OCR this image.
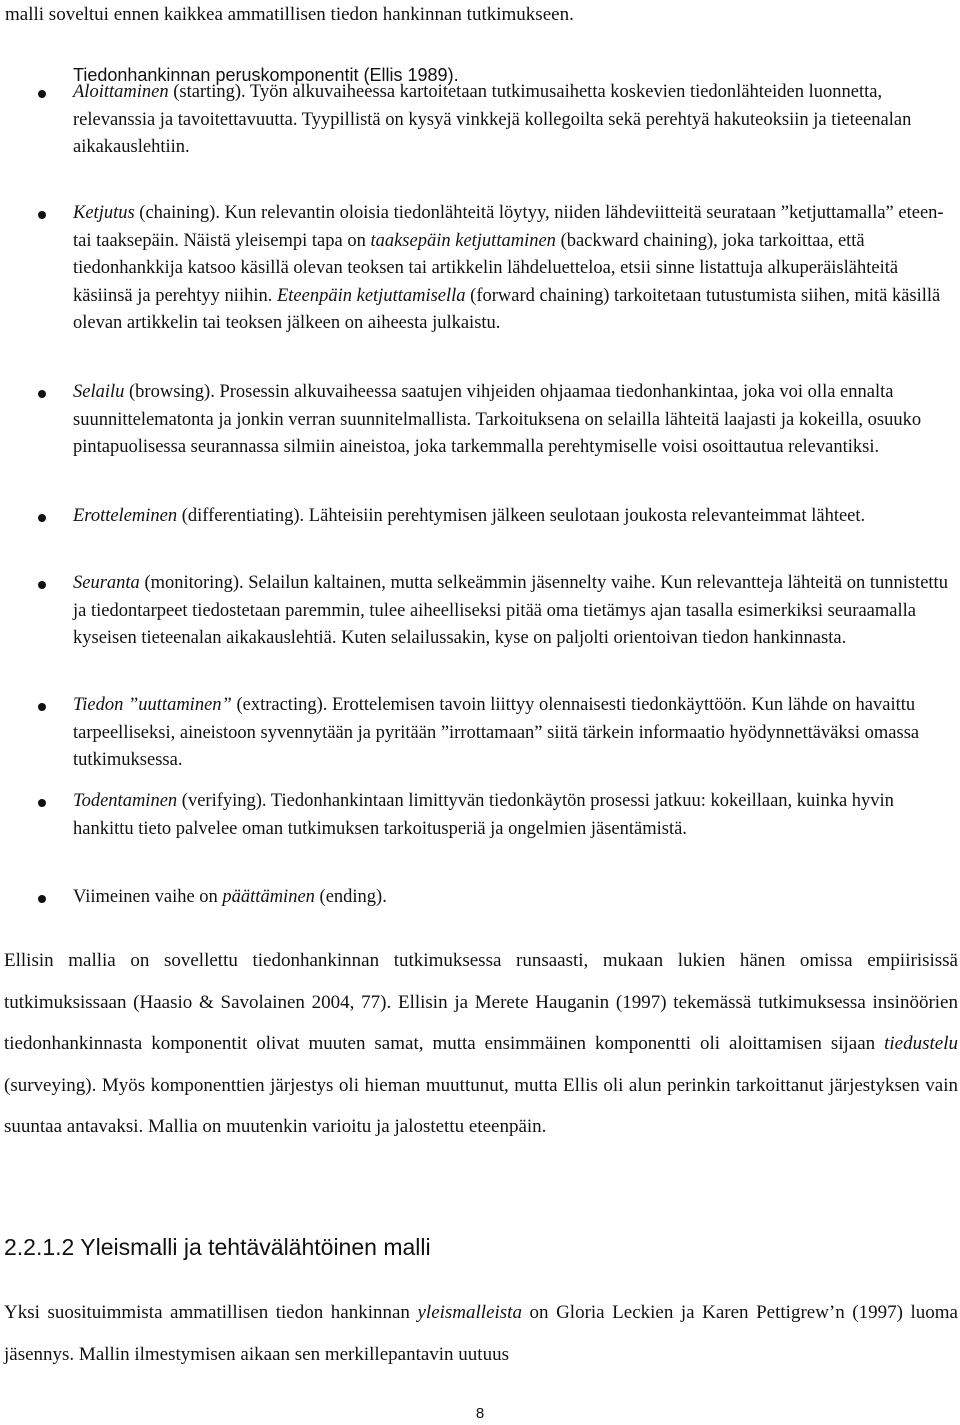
malli soveltui ennen kaikkea ammatillisen tiedon hankinnan tutkimukseen.
Tiedonhankinnan peruskomponentit (Ellis 1989).
Aloittaminen (starting). Työn alkuvaiheessa kartoitetaan tutkimusaihetta koskevien tiedonlähteiden luonnetta, relevanssia ja tavoitettavuutta. Tyypillistä on kysyä vinkkejä kollegoilta sekä perehtyä hakuteoksiin ja tieteenalan aikakauslehtiin.
Ketjutus (chaining). Kun relevantin oloisia tiedonlähteitä löytyy, niiden lähdeviitteitä seurataan ”ketjuttamalla” eteen- tai taaksepäin. Näistä yleisempi tapa on taaksepäin ketjuttaminen (backward chaining), joka tarkoittaa, että tiedonhankkija katsoo käsillä olevan teoksen tai artikkelin lähdeluetteloa, etsii sinne listattuja alkuperäislähteitä käsiinsä ja perehtyy niihin. Eteenpäin ketjuttamisella (forward chaining) tarkoitetaan tutustumista siihen, mitä käsillä olevan artikkelin tai teoksen jälkeen on aiheesta julkaistu.
Selailu (browsing). Prosessin alkuvaiheessa saatujen vihjeiden ohjaamaa tiedonhankintaa, joka voi olla ennalta suunnittelematonta ja jonkin verran suunnitelmallista. Tarkoituksena on selailla lähteitä laajasti ja kokeilla, osuuko pintapuolisessa seurannassa silmiin aineistoa, joka tarkemmalla perehtymiselle voisi osoittautua relevantiksi.
Erotteleminen (differentiating). Lähteisiin perehtymisen jälkeen seulotaan joukosta relevanteimmat lähteet.
Seuranta (monitoring). Selailun kaltainen, mutta selkeämmin jäsennelty vaihe. Kun relevantteja lähteitä on tunnistettu ja tiedontarpeet tiedostetaan paremmin, tulee aiheelliseksi pitää oma tietämys ajan tasalla esimerkiksi seuraamalla kyseisen tieteenalan aikakauslehtiä. Kuten selailussakin, kyse on paljolti orientoivan tiedon hankinnasta.
Tiedon ”uuttaminen” (extracting). Erottelemisen tavoin liittyy olennaisesti tiedonkäyttöön. Kun lähde on havaittu tarpeelliseksi, aineistoon syvennytään ja pyritään ”irrottamaan” siitä tärkein informaatio hyödynnettäväksi omassa tutkimuksessa.
Todentaminen (verifying). Tiedonhankintaan limittyvän tiedonkäytön prosessi jatkuu: kokeillaan, kuinka hyvin hankittu tieto palvelee oman tutkimuksen tarkoitusperiä ja ongelmien jäsentämistä.
Viimeinen vaihe on päättäminen (ending).
Ellisin mallia on sovellettu tiedonhankinnan tutkimuksessa runsaasti, mukaan lukien hänen omissa empiirisissä tutkimuksissaan (Haasio & Savolainen 2004, 77). Ellisin ja Merete Hauganin (1997) tekemässä tutkimuksessa insinöörien tiedonhankinnasta komponentit olivat muuten samat, mutta ensimmäinen komponentti oli aloittamisen sijaan tiedustelu (surveying). Myös komponenttien järjestys oli hieman muuttunut, mutta Ellis oli alun perinkin tarkoittanut järjestyksen vain suuntaa antavaksi. Mallia on muutenkin varioitu ja jalostettu eteenpäin.
2.2.1.2 Yleismalli ja tehtävälähtöinen malli
Yksi suosituimmista ammatillisen tiedon hankinnan yleismalleista on Gloria Leckien ja Karen Pettigrew’n (1997) luoma jäsennys. Mallin ilmestymisen aikaan sen merkillepantavin uutuus
8
